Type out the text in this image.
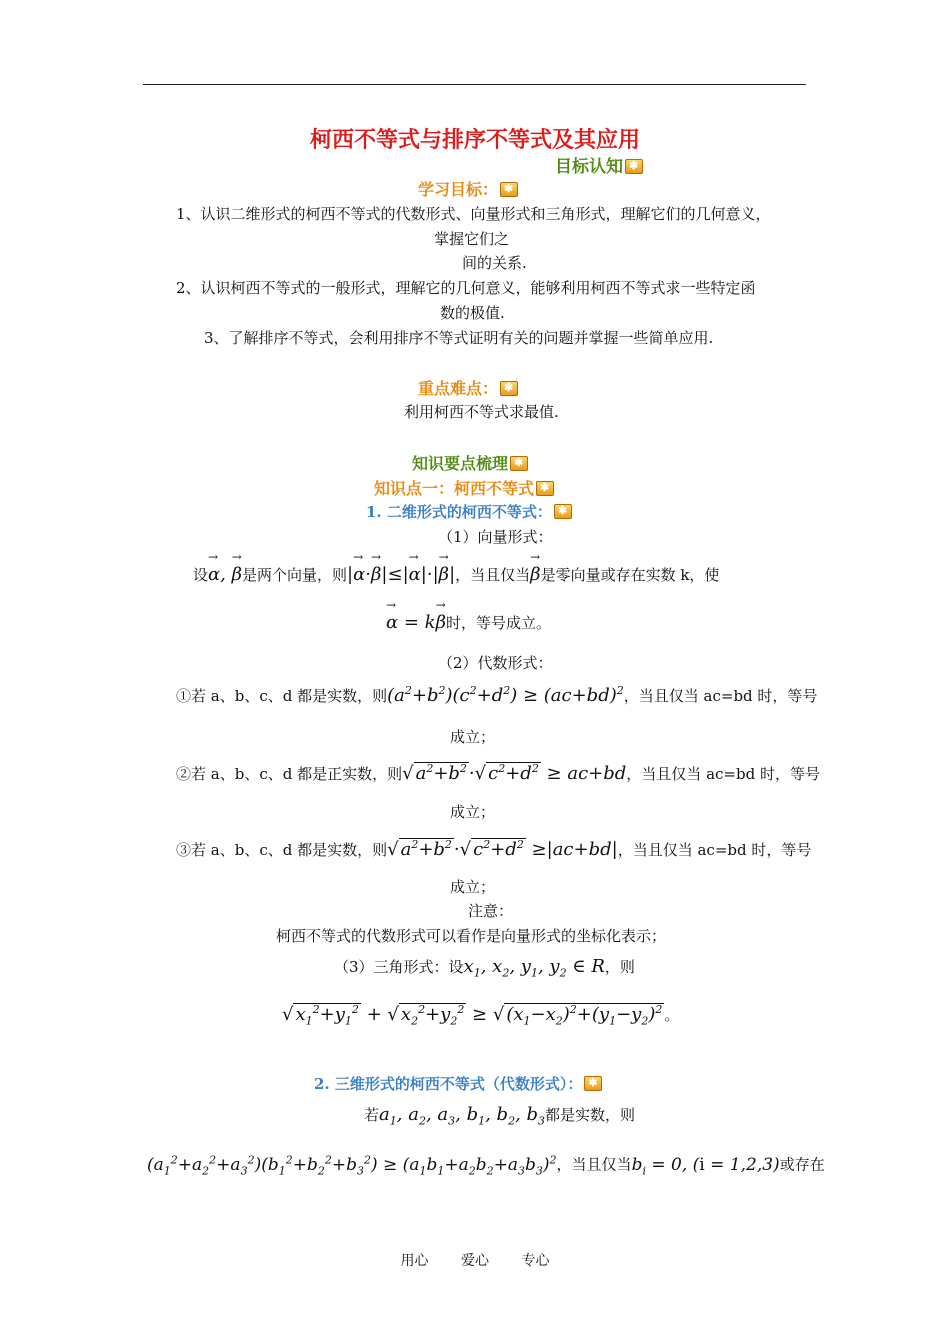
柯西不等式与排序不等式及其应用
目标认知✱
学习目标：✱
1、认识二维形式的柯西不等式的代数形式、向量形式和三角形式，理解它们的几何意义，
掌握它们之
间的关系.
2、认识柯西不等式的一般形式，理解它的几何意义，能够利用柯西不等式求一些特定函
数的极值.
3、了解排序不等式，会利用排序不等式证明有关的问题并掌握一些简单应用.
重点难点：✱
利用柯西不等式求最值.
知识要点梳理✱
知识点一：柯西不等式✱
1. 二维形式的柯西不等式：✱
（1）向量形式：
设→ α, → β是两个向量，则|→ α·→ β|≤|→ α|·|→ β|，当且仅当→ β是零向量或存在实数 k，使
→ α = k→ β时，等号成立。
（2）代数形式：
①若 a、b、c、d 都是实数，则$(a^2+b^2)(c^2+d^2) \ge (ac+bd)^2$，当且仅当 ac=bd 时，等号
成立；
②若 a、b、c、d 都是正实数，则√ $a^2+b^2$ ·√ $c^2+d^2 \ge ac+bd$，当且仅当 ac=bd 时，等号
成立；
③若 a、b、c、d 都是实数，则√ $a^2+b^2$ ·√ $c^2+d^2 \ge|ac+bd|$，当且仅当 ac=bd 时，等号
成立；
注意：
柯西不等式的代数形式可以看作是向量形式的坐标化表示；
（3）三角形式：设$x_1$, $x_2$, $y_1$, $y_2$ ∈ R，则
√ $x_1^2+y_1^2$ + √ $x_2^2+y_2^2$ ≥ √ $(x_1-x_2)^2+(y_1-y_2)^2$ 。
2. 三维形式的柯西不等式（代数形式）：✱
若$a_1$, $a_2$, $a_3$, $b_1$, $b_2$, $b_3$都是实数，则
$(a_1^2+a_2^2+a_3^2)(b_1^2+b_2^2+b_3^2) \ge (a_1b_1+a_2b_2+a_3b_3)^2$，当且仅当$b_i = 0$, (i = 1,2,3)或存在
用心 爱心 专心
